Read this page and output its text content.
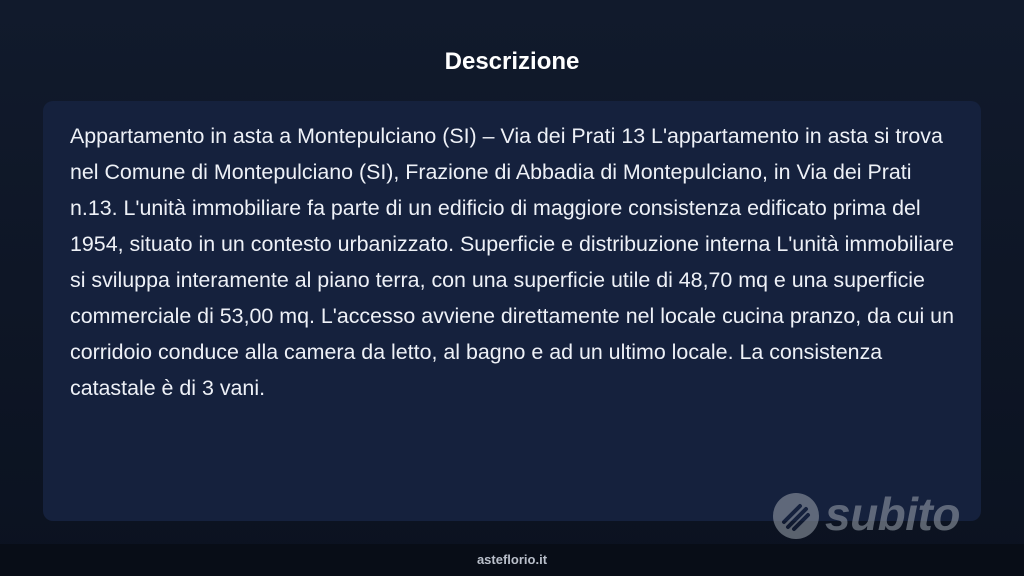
Descrizione

Appartamento in asta a Montepulciano (SI) – Via dei Prati 13 L'appartamento in asta si trova nel Comune di Montepulciano (SI), Frazione di Abbadia di Montepulciano, in Via dei Prati n.13. L'unità immobiliare fa parte di un edificio di maggiore consistenza edificato prima del 1954, situato in un contesto urbanizzato. Superficie e distribuzione interna L'unità immobiliare si sviluppa interamente al piano terra, con una superficie utile di 48,70 mq e una superficie commerciale di 53,00 mq. L'accesso avviene direttamente nel locale cucina pranzo, da cui un corridoio conduce alla camera da letto, al bagno e ad un ultimo locale. La consistenza catastale è di 3 vani.

subito
asteflorio.it
